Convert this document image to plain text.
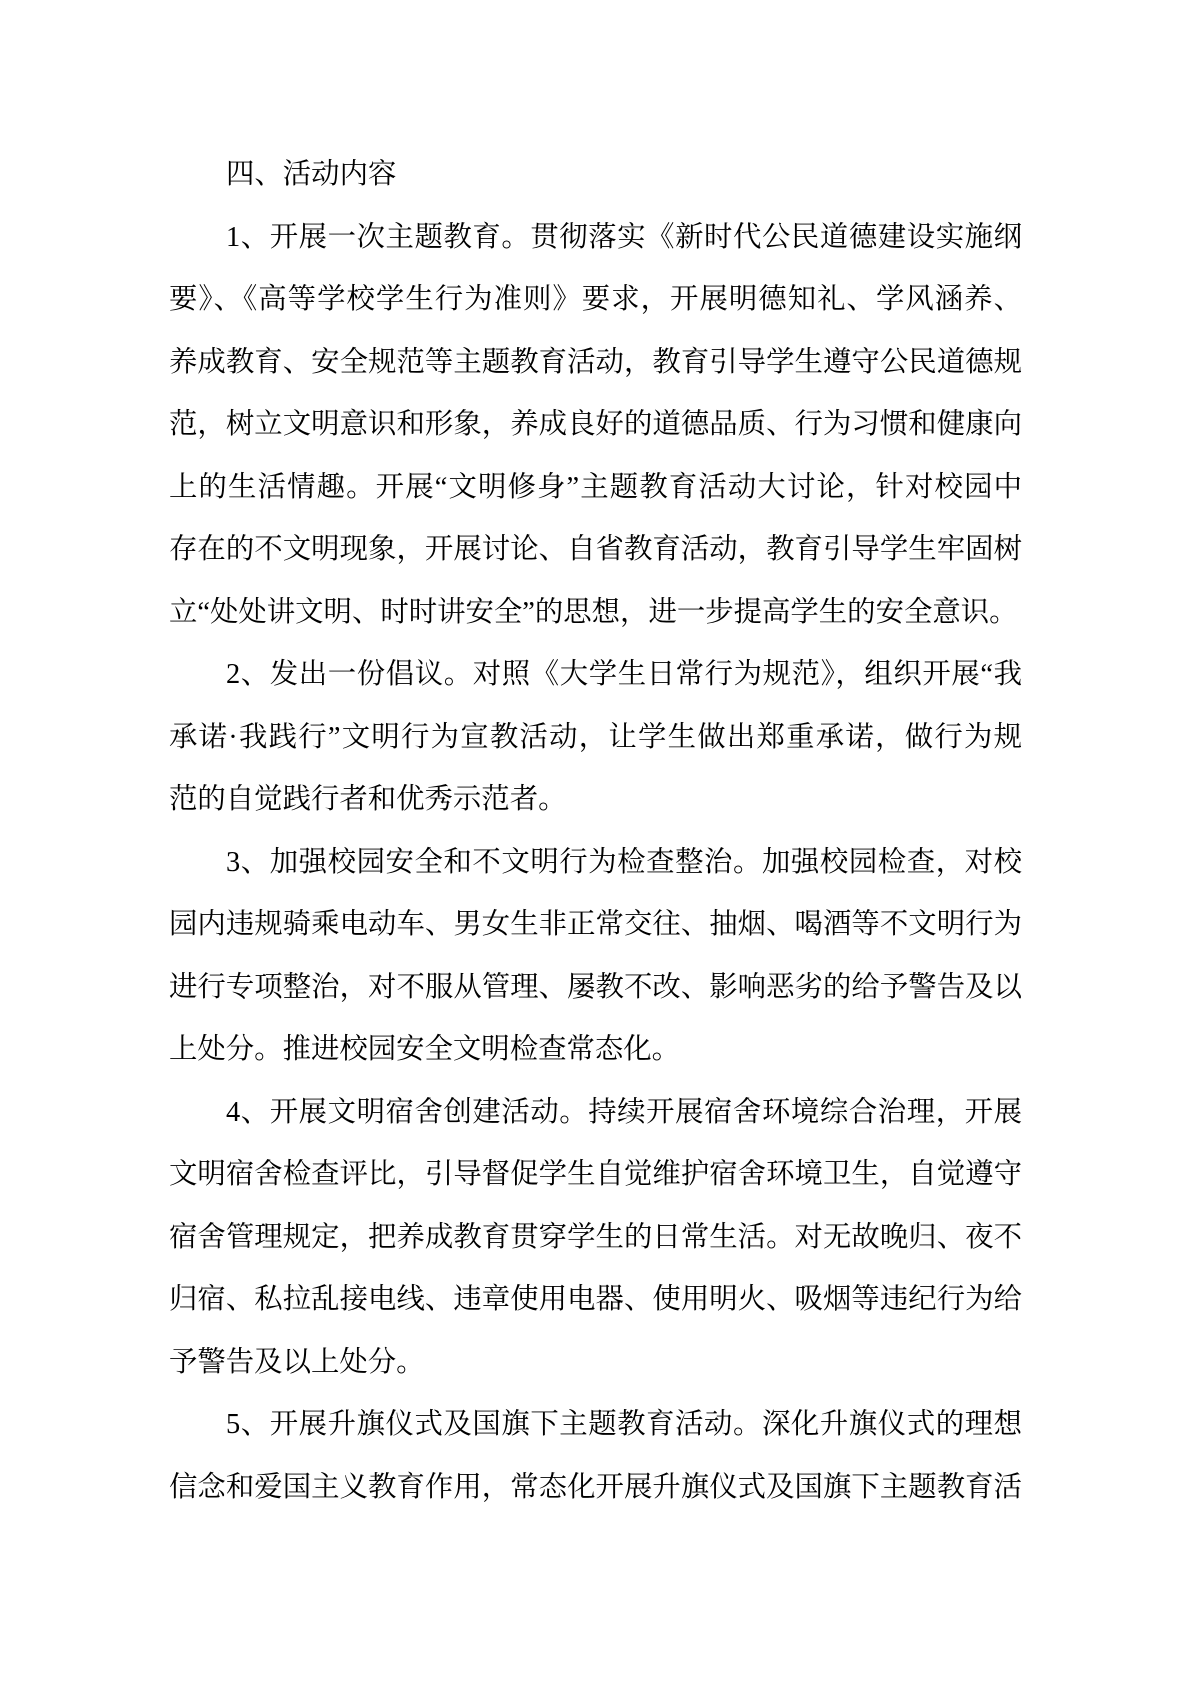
四、活动内容
1、开展一次主题教育。贯彻落实《新时代公民道德建设实施纲
要》、《高等学校学生行为准则》要求，开展明德知礼、学风涵养、
养成教育、安全规范等主题教育活动，教育引导学生遵守公民道德规
范，树立文明意识和形象，养成良好的道德品质、行为习惯和健康向
上的生活情趣。开展“文明修身”主题教育活动大讨论，针对校园中
存在的不文明现象，开展讨论、自省教育活动，教育引导学生牢固树
立“处处讲文明、时时讲安全”的思想，进一步提高学生的安全意识。
2、发出一份倡议。对照《大学生日常行为规范》，组织开展“我
承诺·我践行”文明行为宣教活动，让学生做出郑重承诺，做行为规
范的自觉践行者和优秀示范者。
3、加强校园安全和不文明行为检查整治。加强校园检查，对校
园内违规骑乘电动车、男女生非正常交往、抽烟、喝酒等不文明行为
进行专项整治，对不服从管理、屡教不改、影响恶劣的给予警告及以
上处分。推进校园安全文明检查常态化。
4、开展文明宿舍创建活动。持续开展宿舍环境综合治理，开展
文明宿舍检查评比，引导督促学生自觉维护宿舍环境卫生，自觉遵守
宿舍管理规定，把养成教育贯穿学生的日常生活。对无故晚归、夜不
归宿、私拉乱接电线、违章使用电器、使用明火、吸烟等违纪行为给
予警告及以上处分。
5、开展升旗仪式及国旗下主题教育活动。深化升旗仪式的理想
信念和爱国主义教育作用，常态化开展升旗仪式及国旗下主题教育活
